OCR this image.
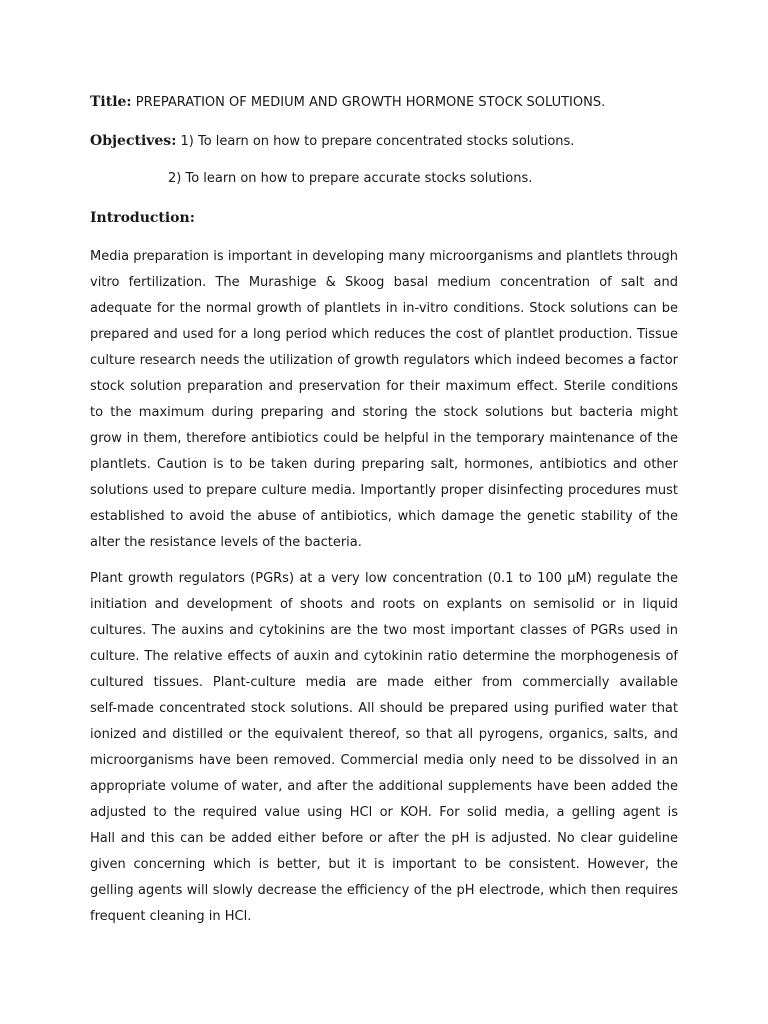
Title: PREPARATION OF MEDIUM AND GROWTH HORMONE STOCK SOLUTIONS.
Objectives: 1) To learn on how to prepare concentrated stocks solutions.
2) To learn on how to prepare accurate stocks solutions.
Introduction:
Media preparation is important in developing many microorganisms and plantlets through
vitro fertilization. The Murashige & Skoog basal medium concentration of salt and
adequate for the normal growth of plantlets in in-vitro conditions. Stock solutions can be
prepared and used for a long period which reduces the cost of plantlet production. Tissue
culture research needs the utilization of growth regulators which indeed becomes a factor
stock solution preparation and preservation for their maximum effect. Sterile conditions
to the maximum during preparing and storing the stock solutions but bacteria might
grow in them, therefore antibiotics could be helpful in the temporary maintenance of the
plantlets. Caution is to be taken during preparing salt, hormones, antibiotics and other
solutions used to prepare culture media. Importantly proper disinfecting procedures must
established to avoid the abuse of antibiotics, which damage the genetic stability of the
alter the resistance levels of the bacteria.
Plant growth regulators (PGRs) at a very low concentration (0.1 to 100 µM) regulate the
initiation and development of shoots and roots on explants on semisolid or in liquid
cultures. The auxins and cytokinins are the two most important classes of PGRs used in
culture. The relative effects of auxin and cytokinin ratio determine the morphogenesis of
cultured tissues. Plant-culture media are made either from commercially available
self-made concentrated stock solutions. All should be prepared using purified water that
ionized and distilled or the equivalent thereof, so that all pyrogens, organics, salts, and
microorganisms have been removed. Commercial media only need to be dissolved in an
appropriate volume of water, and after the additional supplements have been added the
adjusted to the required value using HCl or KOH. For solid media, a gelling agent is
Hall and this can be added either before or after the pH is adjusted. No clear guideline
given concerning which is better, but it is important to be consistent. However, the
gelling agents will slowly decrease the efficiency of the pH electrode, which then requires
frequent cleaning in HCl.
